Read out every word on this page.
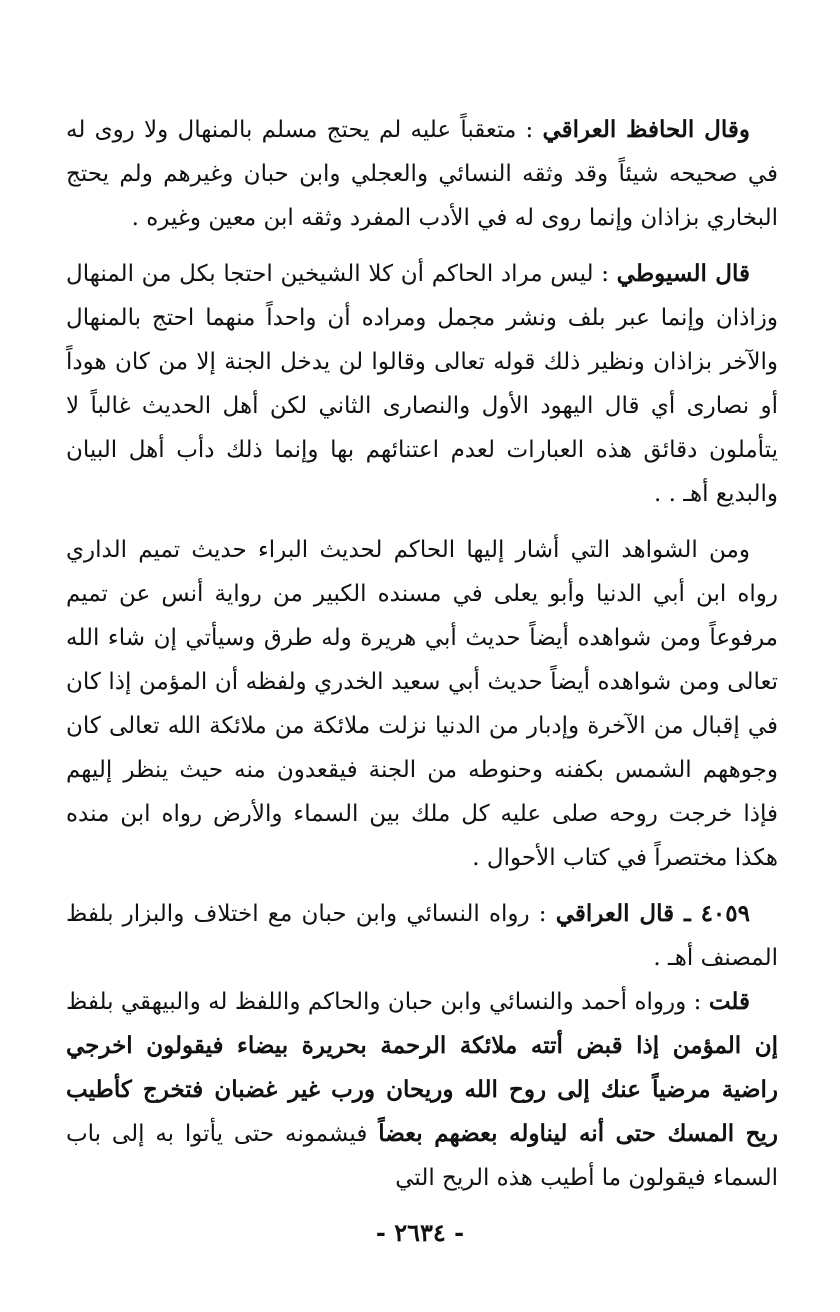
وقال الحافظ العراقي : متعقباً عليه لم يحتج مسلم بالمنهال ولا روى له في صحيحه شيئاً وقد وثقه النسائي والعجلي وابن حبان وغيرهم ولم يحتج البخاري بزاذان وإنما روى له في الأدب المفرد وثقه ابن معين وغيره .

قال السيوطي : ليس مراد الحاكم أن كلا الشيخين احتجا بكل من المنهال وزاذان وإنما عبر بلف ونشر مجمل ومراده أن واحداً منهما احتج بالمنهال والآخر بزاذان ونظير ذلك قوله تعالى وقالوا لن يدخل الجنة إلا من كان هوداً أو نصارى أي قال اليهود الأول والنصارى الثاني لكن أهل الحديث غالباً لا يتأملون دقائق هذه العبارات لعدم اعتنائهم بها وإنما ذلك دأب أهل البيان والبديع أهـ . .

ومن الشواهد التي أشار إليها الحاكم لحديث البراء حديث تميم الداري رواه ابن أبي الدنيا وأبو يعلى في مسنده الكبير من رواية أنس عن تميم مرفوعاً ومن شواهده أيضاً حديث أبي هريرة وله طرق وسيأتي إن شاء الله تعالى ومن شواهده أيضاً حديث أبي سعيد الخدري ولفظه أن المؤمن إذا كان في إقبال من الآخرة وإدبار من الدنيا نزلت ملائكة من ملائكة الله تعالى كان وجوههم الشمس بكفنه وحنوطه من الجنة فيقعدون منه حيث ينظر إليهم فإذا خرجت روحه صلى عليه كل ملك بين السماء والأرض رواه ابن منده هكذا مختصراً في كتاب الأحوال .

٤٠٥٩ ـ قال العراقي : رواه النسائي وابن حبان مع اختلاف والبزار بلفظ المصنف أهـ .

قلت : ورواه أحمد والنسائي وابن حبان والحاكم واللفظ له والبيهقي بلفظ إن المؤمن إذا قبض أتته ملائكة الرحمة بحريرة بيضاء فيقولون اخرجي راضية مرضياً عنك إلى روح الله وريحان ورب غير غضبان فتخرج كأطيب ريح المسك حتى أنه ليناوله بعضهم بعضاً فيشمونه حتى يأتوا به إلى باب السماء فيقولون ما أطيب هذه الريح التي

- ٢٦٣٤ -
